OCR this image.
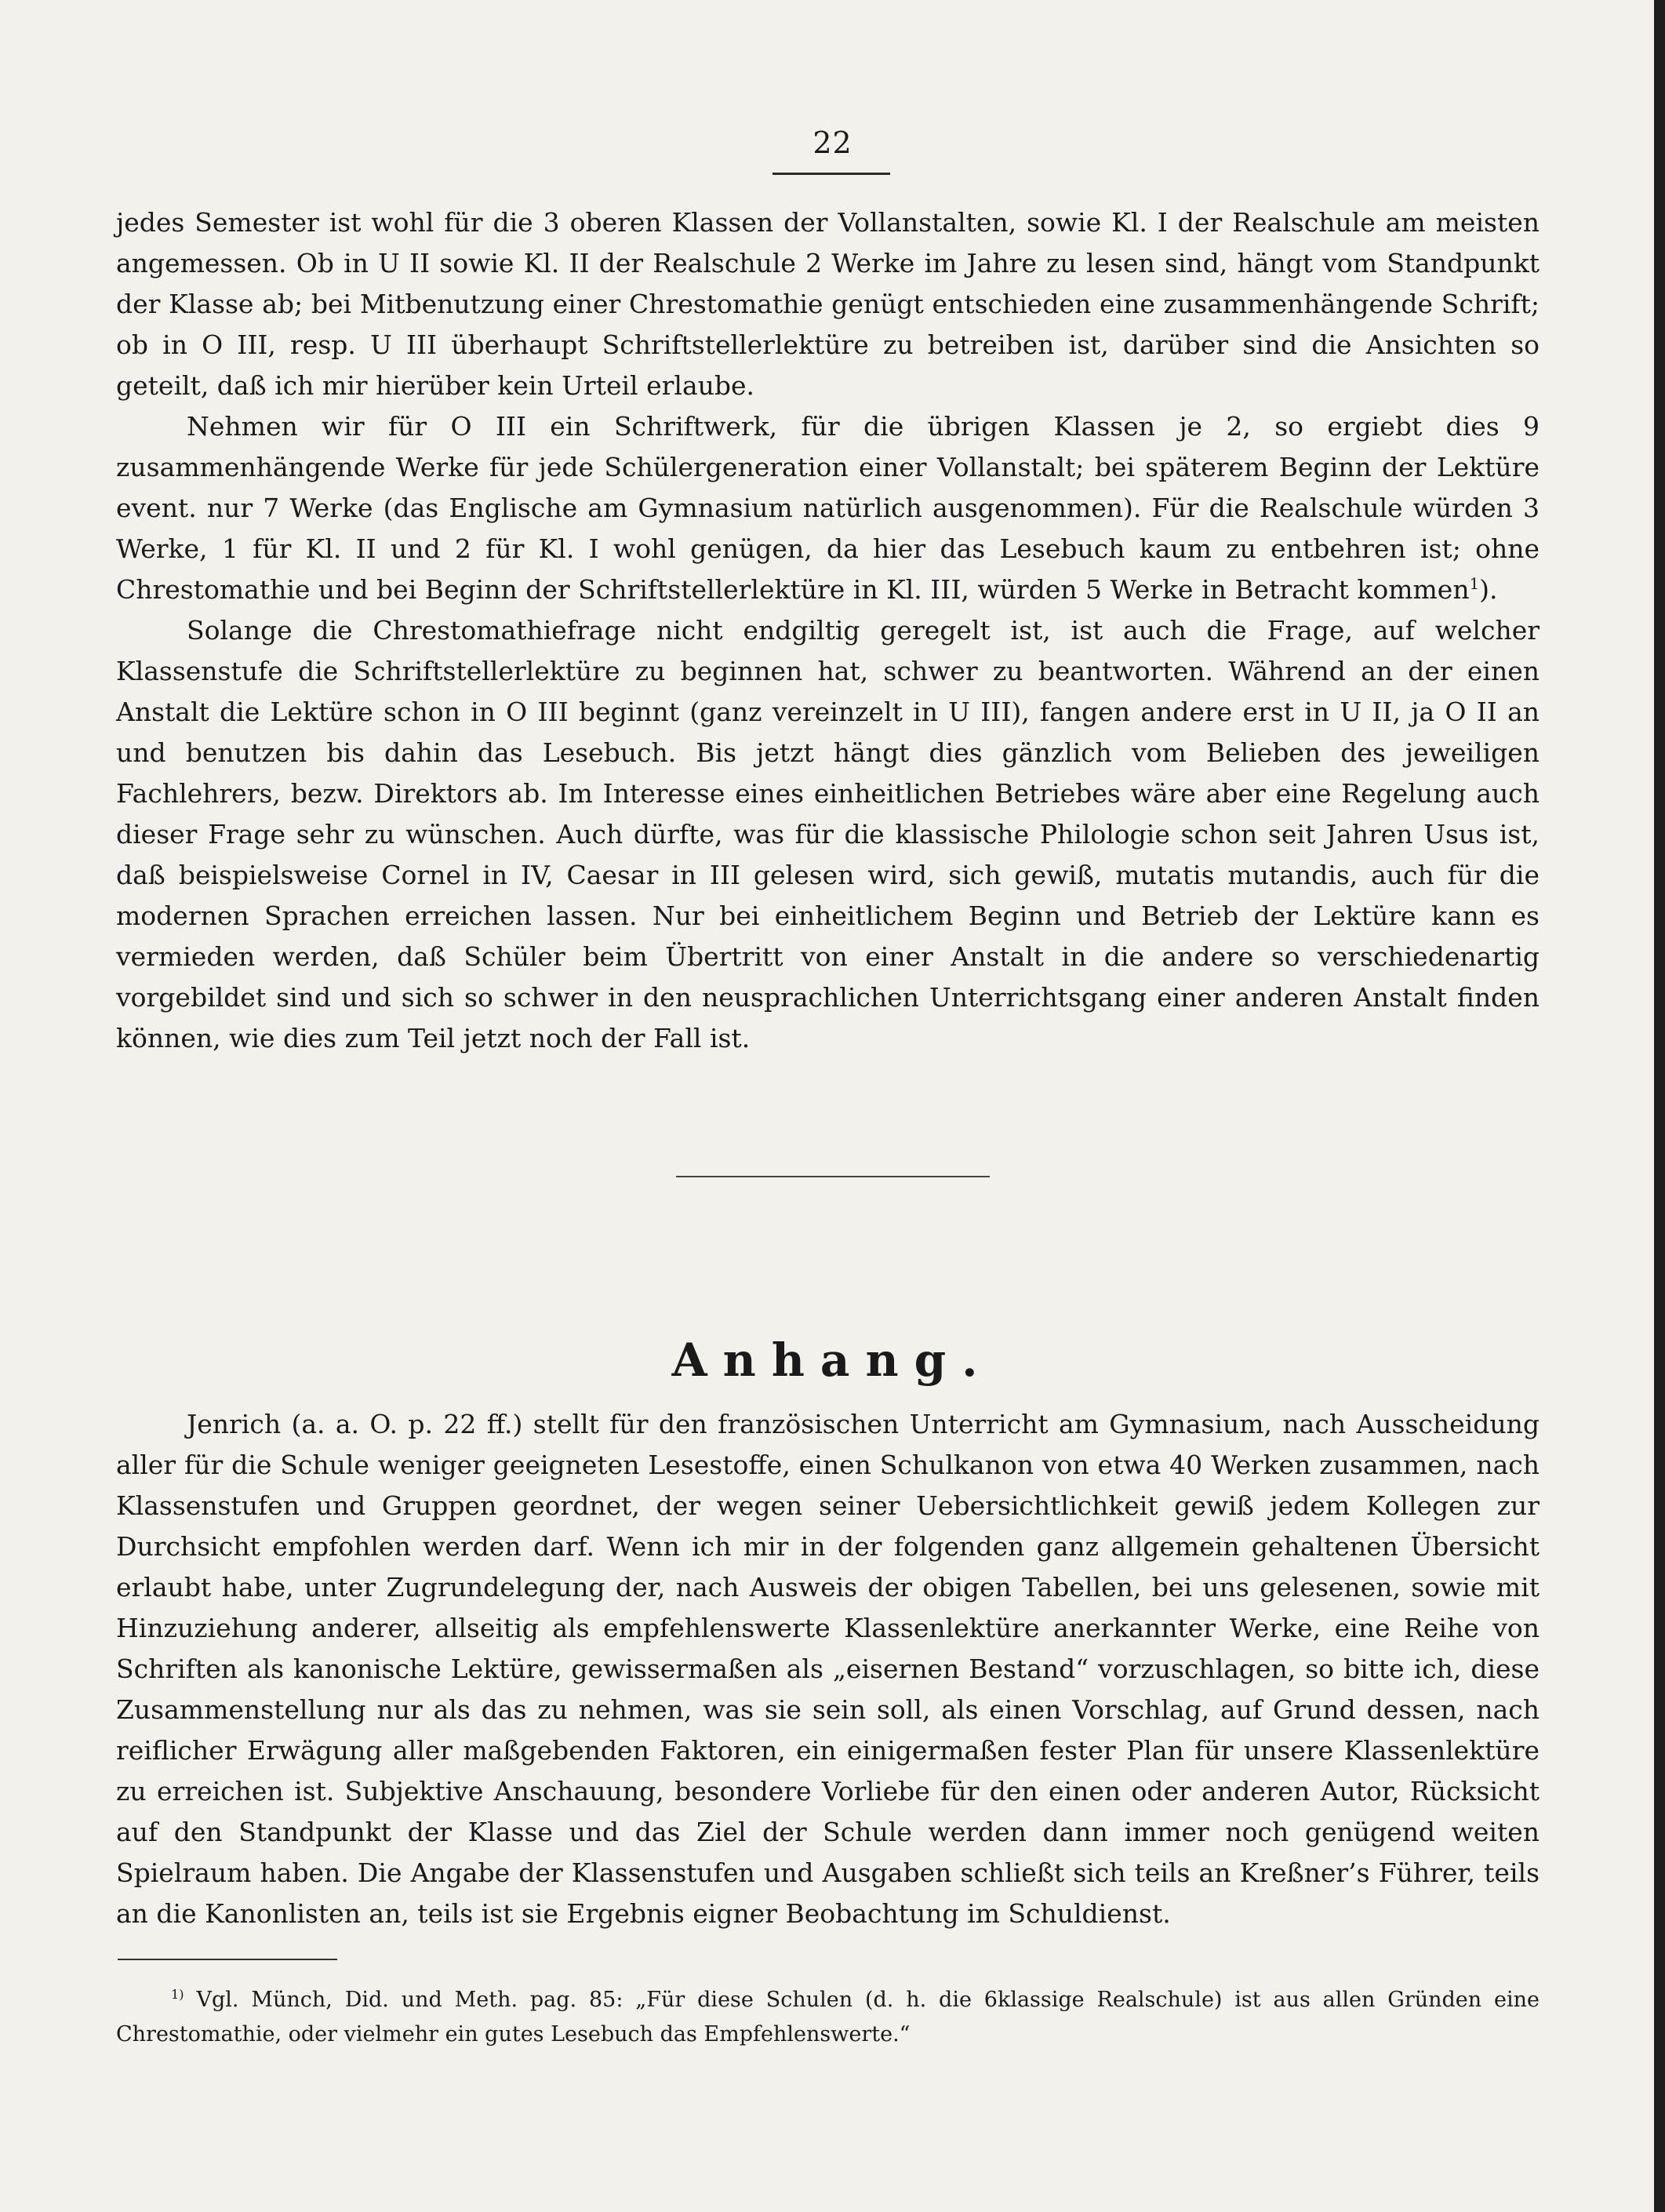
22

jedes Semester ist wohl für die 3 oberen Klassen der Vollanstalten, sowie Kl. I der Realschule am meisten angemessen. Ob in U II sowie Kl. II der Realschule 2 Werke im Jahre zu lesen sind, hängt vom Standpunkt der Klasse ab; bei Mitbenutzung einer Chrestomathie genügt entschieden eine zusammenhängende Schrift; ob in O III, resp. U III überhaupt Schriftstellerlektüre zu betreiben ist, darüber sind die Ansichten so geteilt, daß ich mir hierüber kein Urteil erlaube.

Nehmen wir für O III ein Schriftwerk, für die übrigen Klassen je 2, so ergiebt dies 9 zusammenhängende Werke für jede Schülergeneration einer Vollanstalt; bei späterem Beginn der Lektüre event. nur 7 Werke (das Englische am Gymnasium natürlich ausgenommen). Für die Realschule würden 3 Werke, 1 für Kl. II und 2 für Kl. I wohl genügen, da hier das Lesebuch kaum zu entbehren ist; ohne Chrestomathie und bei Beginn der Schriftstellerlektüre in Kl. III, würden 5 Werke in Betracht kommen$^1$).

Solange die Chrestomathiefrage nicht endgiltig geregelt ist, ist auch die Frage, auf welcher Klassenstufe die Schriftstellerlektüre zu beginnen hat, schwer zu beantworten. Während an der einen Anstalt die Lektüre schon in O III beginnt (ganz vereinzelt in U III), fangen andere erst in U II, ja O II an und benutzen bis dahin das Lesebuch. Bis jetzt hängt dies gänzlich vom Belieben des jeweiligen Fachlehrers, bezw. Direktors ab. Im Interesse eines einheitlichen Betriebes wäre aber eine Regelung auch dieser Frage sehr zu wünschen. Auch dürfte, was für die klassische Philologie schon seit Jahren Usus ist, daß beispielsweise Cornel in IV, Caesar in III gelesen wird, sich gewiß, mutatis mutandis, auch für die modernen Sprachen erreichen lassen. Nur bei einheitlichem Beginn und Betrieb der Lektüre kann es vermieden werden, daß Schüler beim Übertritt von einer Anstalt in die andere so verschiedenartig vorgebildet sind und sich so schwer in den neusprachlichen Unterrichtsgang einer anderen Anstalt finden können, wie dies zum Teil jetzt noch der Fall ist.

Anhang.

Jenrich (a. a. O. p. 22 ff.) stellt für den französischen Unterricht am Gymnasium, nach Ausscheidung aller für die Schule weniger geeigneten Lesestoffe, einen Schulkanon von etwa 40 Werken zusammen, nach Klassenstufen und Gruppen geordnet, der wegen seiner Uebersichtlichkeit gewiß jedem Kollegen zur Durchsicht empfohlen werden darf. Wenn ich mir in der folgenden ganz allgemein gehaltenen Übersicht erlaubt habe, unter Zugrundelegung der, nach Ausweis der obigen Tabellen, bei uns gelesenen, sowie mit Hinzuziehung anderer, allseitig als empfehlenswerte Klassenlektüre anerkannter Werke, eine Reihe von Schriften als kanonische Lektüre, gewissermaßen als „eisernen Bestand“ vorzuschlagen, so bitte ich, diese Zusammenstellung nur als das zu nehmen, was sie sein soll, als einen Vorschlag, auf Grund dessen, nach reiflicher Erwägung aller maßgebenden Faktoren, ein einigermaßen fester Plan für unsere Klassenlektüre zu erreichen ist. Subjektive Anschauung, besondere Vorliebe für den einen oder anderen Autor, Rücksicht auf den Standpunkt der Klasse und das Ziel der Schule werden dann immer noch genügend weiten Spielraum haben. Die Angabe der Klassenstufen und Ausgaben schließt sich teils an Kreßner’s Führer, teils an die Kanonlisten an, teils ist sie Ergebnis eigner Beobachtung im Schuldienst.

$^{1)}$ Vgl. Münch, Did. und Meth. pag. 85: „Für diese Schulen (d. h. die 6klassige Realschule) ist aus allen Gründen eine Chrestomathie, oder vielmehr ein gutes Lesebuch das Empfehlenswerte.“
